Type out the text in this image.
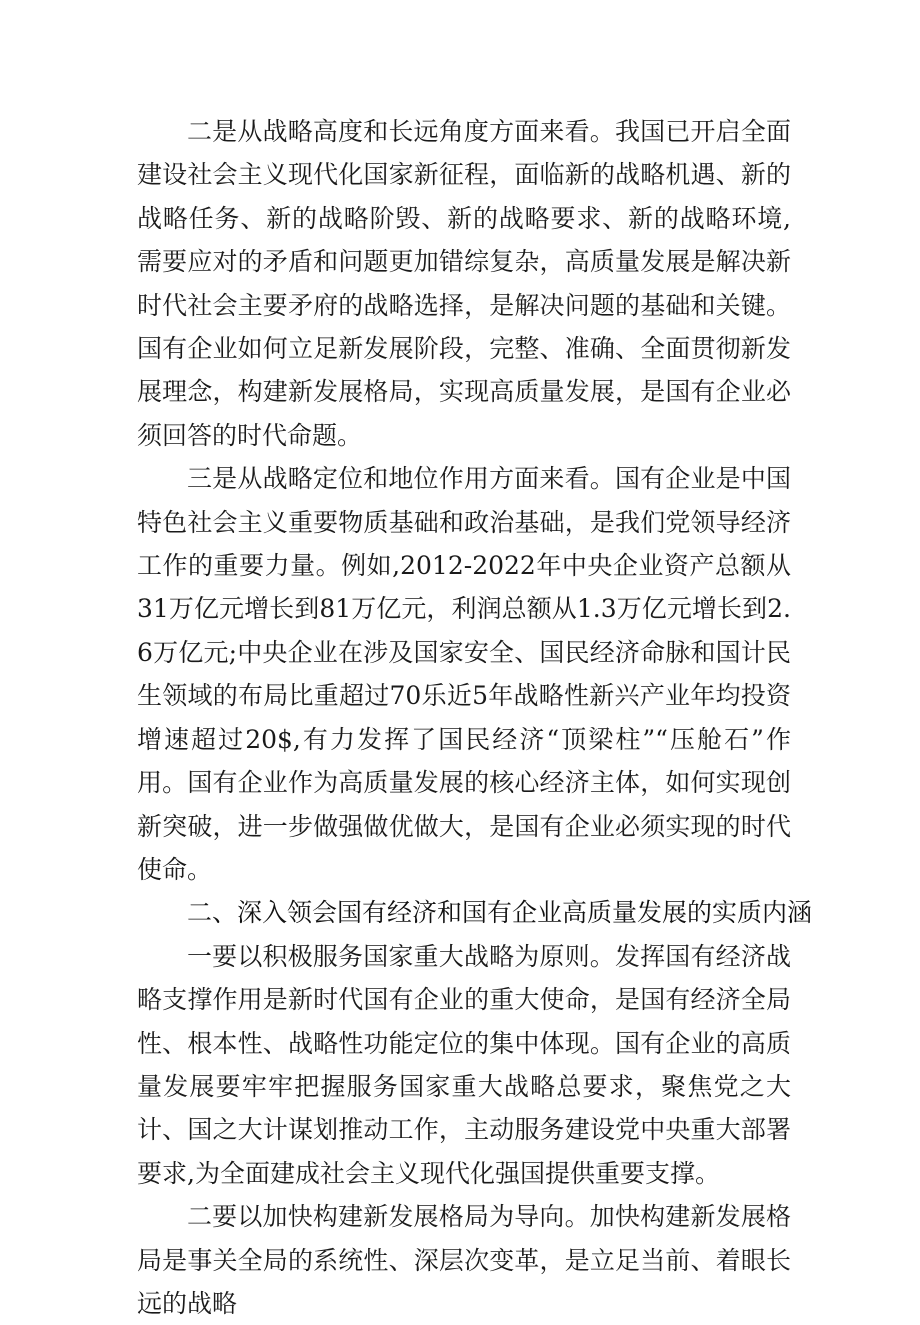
二是从战略高度和长远角度方面来看。我国已开启全面建设社会主义现代化国家新征程，面临新的战略机遇、新的战略任务、新的战略阶毁、新的战略要求、新的战略环境,需要应对的矛盾和问题更加错综复杂，高质量发展是解决新时代社会主要矛府的战略选择，是解决问题的基础和关键。国有企业如何立足新发展阶段，完整、准确、全面贯彻新发展理念，构建新发展格局，实现高质量发展，是国有企业必须回答的时代命题。

三是从战略定位和地位作用方面来看。国有企业是中国特色社会主义重要物质基础和政治基础，是我们党领导经济工作的重要力量。例如,2012-2022年中央企业资产总额从31万亿元增长到81万亿元，利润总额从1.3万亿元增长到2.6万亿元;中央企业在涉及国家安全、国民经济命脉和国计民生领域的布局比重超过70乐近5年战略性新兴产业年均投资增速超过20$,有力发挥了国民经济“顶梁柱”“压舱石”作用。国有企业作为高质量发展的核心经济主体，如何实现创新突破，进一步做强做优做大，是国有企业必须实现的时代使命。

二、深入领会国有经济和国有企业高质量发展的实质内涵

一要以积极服务国家重大战略为原则。发挥国有经济战略支撑作用是新时代国有企业的重大使命，是国有经济全局性、根本性、战略性功能定位的集中体现。国有企业的高质量发展要牢牢把握服务国家重大战略总要求，聚焦党之大计、国之大计谋划推动工作，主动服务建设党中央重大部署要求,为全面建成社会主义现代化强国提供重要支撑。

二要以加快构建新发展格局为导向。加快构建新发展格局是事关全局的系统性、深层次变革，是立足当前、着眼长远的战略
